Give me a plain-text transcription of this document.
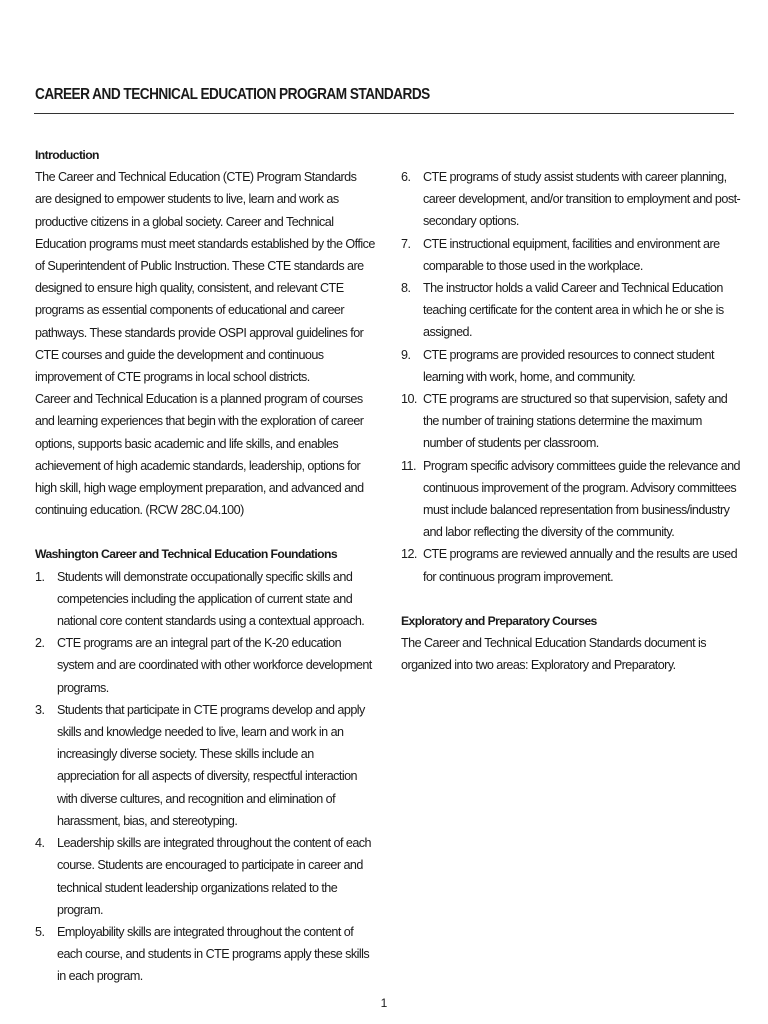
CAREER AND TECHNICAL EDUCATION PROGRAM STANDARDS
Introduction

The Career and Technical Education (CTE) Program Standards are designed to empower students to live, learn and work as productive citizens in a global society. Career and Technical Education programs must meet standards established by the Office of Superintendent of Public Instruction. These CTE standards are designed to ensure high quality, consistent, and relevant CTE programs as essential components of educational and career pathways. These standards provide OSPI approval guidelines for CTE courses and guide the development and continuous improvement of CTE programs in local school districts.

Career and Technical Education is a planned program of courses and learning experiences that begin with the exploration of career options, supports basic academic and life skills, and enables achievement of high academic standards, leadership, options for high skill, high wage employment preparation, and advanced and continuing education. (RCW 28C.04.100)

Washington Career and Technical Education Foundations
1. Students will demonstrate occupationally specific skills and competencies including the application of current state and national core content standards using a contextual approach.
2. CTE programs are an integral part of the K-20 education system and are coordinated with other workforce development programs.
3. Students that participate in CTE programs develop and apply skills and knowledge needed to live, learn and work in an increasingly diverse society. These skills include an appreciation for all aspects of diversity, respectful interaction with diverse cultures, and recognition and elimination of harassment, bias, and stereotyping.
4. Leadership skills are integrated throughout the content of each course. Students are encouraged to participate in career and technical student leadership organizations related to the program.
5. Employability skills are integrated throughout the content of each course, and students in CTE programs apply these skills in each program.
6. CTE programs of study assist students with career planning, career development, and/or transition to employment and post-secondary options.
7. CTE instructional equipment, facilities and environment are comparable to those used in the workplace.
8. The instructor holds a valid Career and Technical Education teaching certificate for the content area in which he or she is assigned.
9. CTE programs are provided resources to connect student learning with work, home, and community.
10. CTE programs are structured so that supervision, safety and the number of training stations determine the maximum number of students per classroom.
11. Program specific advisory committees guide the relevance and continuous improvement of the program. Advisory committees must include balanced representation from business/industry and labor reflecting the diversity of the community.
12. CTE programs are reviewed annually and the results are used for continuous program improvement.
Exploratory and Preparatory Courses

The Career and Technical Education Standards document is organized into two areas: Exploratory and Preparatory.

1
